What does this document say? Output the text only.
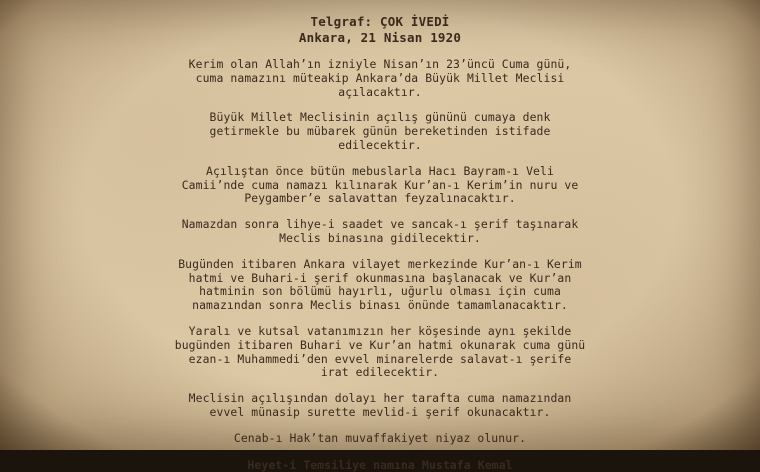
Telgraf: ÇOK İVEDİ
Ankara, 21 Nisan 1920

Kerim olan Allah’ın izniyle Nisan’ın 23’üncü Cuma günü,
cuma namazını müteakip Ankara’da Büyük Millet Meclisi
açılacaktır.

Büyük Millet Meclisinin açılış gününü cumaya denk
getirmekle bu mübarek günün bereketinden istifade
edilecektir.

Açılıştan önce bütün mebuslarla Hacı Bayram-ı Veli
Camii’nde cuma namazı kılınarak Kur’an-ı Kerim’in nuru ve
Peygamber’e salavattan feyzalınacaktır.

Namazdan sonra lihye-i saadet ve sancak-ı şerif taşınarak
Meclis binasına gidilecektir.

Bugünden itibaren Ankara vilayet merkezinde Kur’an-ı Kerim
hatmi ve Buhari-i şerif okunmasına başlanacak ve Kur’an
hatminin son bölümü hayırlı, uğurlu olması için cuma
namazından sonra Meclis binası önünde tamamlanacaktır.

Yaralı ve kutsal vatanımızın her köşesinde aynı şekilde
bugünden itibaren Buhari ve Kur’an hatmi okunarak cuma günü
ezan-ı Muhammedi’den evvel minarelerde salavat-ı şerife
irat edilecektir.

Meclisin açılışından dolayı her tarafta cuma namazından
evvel münasip surette mevlid-i şerif okunacaktır.

Cenab-ı Hak’tan muvaffakiyet niyaz olunur.

Heyet-i Temsiliye namına Mustafa Kemal
